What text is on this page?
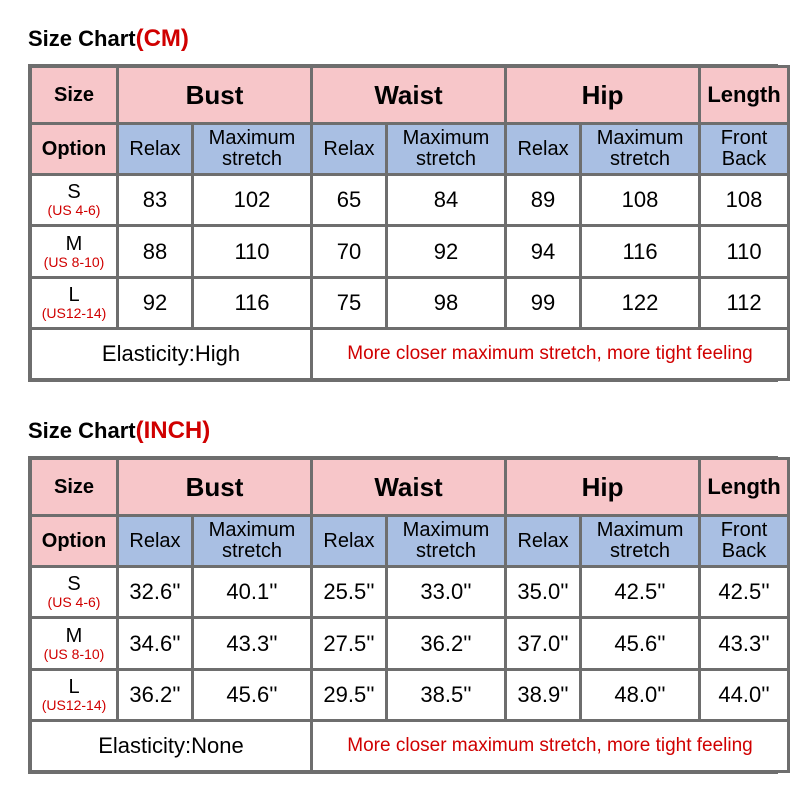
Size Chart(CM)
Size	Bust		Waist		Hip		Length
Option	Relax	Maximum stretch	Relax	Maximum stretch	Relax	Maximum stretch	Front Back

S
(US 4-6)	83	102	65	84	89	108	108

M
(US 8-10)	88	110	70	92	94	116	110

L
(US12-14)	92	116	75	98	99	122	112
Elasticity:High			More closer maximum stretch, more tight feeling				
Size Chart(INCH)
Size	Bust		Waist		Hip		Length
Option	Relax	Maximum stretch	Relax	Maximum stretch	Relax	Maximum stretch	Front Back

S
(US 4-6)	32.6''	40.1''	25.5''	33.0''	35.0''	42.5''	42.5''

M
(US 8-10)	34.6''	43.3''	27.5''	36.2''	37.0''	45.6''	43.3''

L
(US12-14)	36.2''	45.6''	29.5''	38.5''	38.9''	48.0''	44.0''
Elasticity:None			More closer maximum stretch, more tight feeling				
